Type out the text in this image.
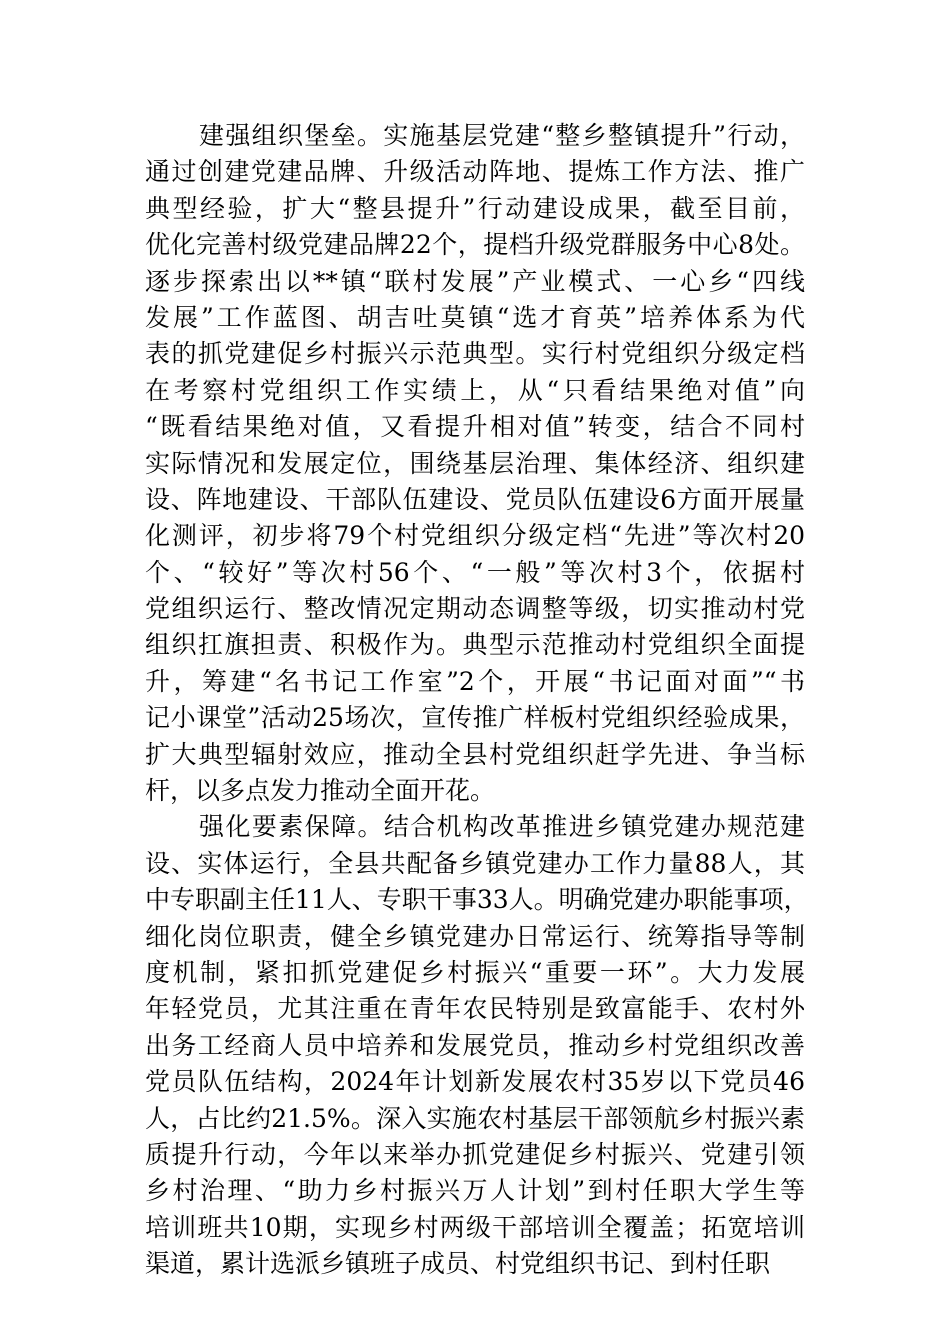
建强组织堡垒。实施基层党建“整乡整镇提升”行动，
通过创建党建品牌、升级活动阵地、提炼工作方法、推广
典型经验，扩大“整县提升”行动建设成果，截至目前，
优化完善村级党建品牌22个，提档升级党群服务中心8处。
逐步探索出以**镇“联村发展”产业模式、一心乡“四线
发展”工作蓝图、胡吉吐莫镇“选才育英”培养体系为代
表的抓党建促乡村振兴示范典型。实行村党组织分级定档
在考察村党组织工作实绩上，从“只看结果绝对值”向
“既看结果绝对值，又看提升相对值”转变，结合不同村
实际情况和发展定位，围绕基层治理、集体经济、组织建
设、阵地建设、干部队伍建设、党员队伍建设6方面开展量
化测评，初步将79个村党组织分级定档“先进”等次村20
个、“较好”等次村56个、“一般”等次村3个，依据村
党组织运行、整改情况定期动态调整等级，切实推动村党
组织扛旗担责、积极作为。典型示范推动村党组织全面提
升，筹建“名书记工作室”2个，开展“书记面对面”“书
记小课堂”活动25场次，宣传推广样板村党组织经验成果，
扩大典型辐射效应，推动全县村党组织赶学先进、争当标
杆，以多点发力推动全面开花。
强化要素保障。结合机构改革推进乡镇党建办规范建
设、实体运行，全县共配备乡镇党建办工作力量88人，其
中专职副主任11人、专职干事33人。明确党建办职能事项，
细化岗位职责，健全乡镇党建办日常运行、统筹指导等制
度机制，紧扣抓党建促乡村振兴“重要一环”。大力发展
年轻党员，尤其注重在青年农民特别是致富能手、农村外
出务工经商人员中培养和发展党员，推动乡村党组织改善
党员队伍结构，2024年计划新发展农村35岁以下党员46
人，占比约21.5%。深入实施农村基层干部领航乡村振兴素
质提升行动，今年以来举办抓党建促乡村振兴、党建引领
乡村治理、“助力乡村振兴万人计划”到村任职大学生等
培训班共10期，实现乡村两级干部培训全覆盖；拓宽培训
渠道，累计选派乡镇班子成员、村党组织书记、到村任职
